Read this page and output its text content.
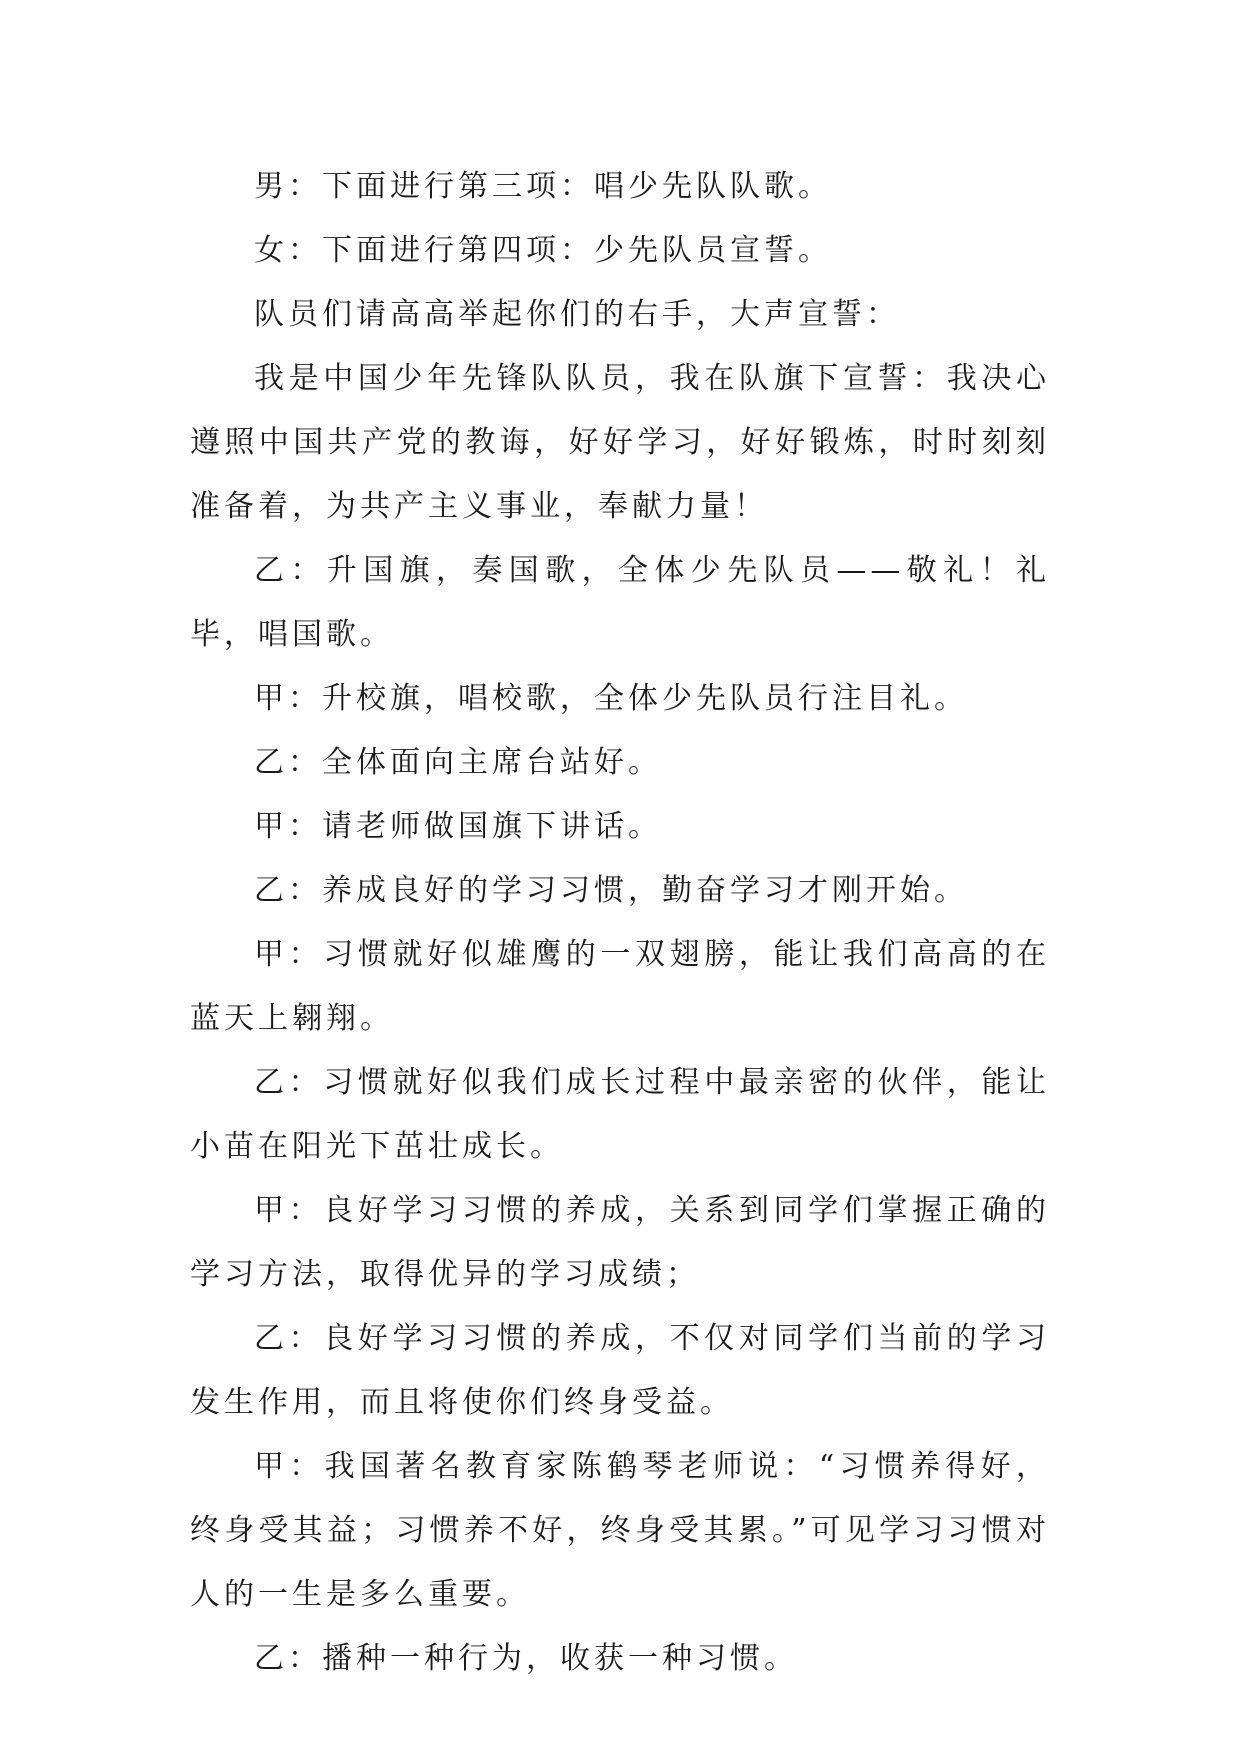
男：下面进行第三项：唱少先队队歌。

女：下面进行第四项：少先队员宣誓。

队员们请高高举起你们的右手，大声宣誓：

我是中国少年先锋队队员，我在队旗下宣誓：我决心遵照中国共产党的教诲，好好学习，好好锻炼，时时刻刻准备着，为共产主义事业，奉献力量！

乙：升国旗，奏国歌，全体少先队员——敬礼！礼毕，唱国歌。

甲：升校旗，唱校歌，全体少先队员行注目礼。

乙：全体面向主席台站好。

甲：请老师做国旗下讲话。

乙：养成良好的学习习惯，勤奋学习才刚开始。

甲：习惯就好似雄鹰的一双翅膀，能让我们高高的在蓝天上翱翔。

乙：习惯就好似我们成长过程中最亲密的伙伴，能让小苗在阳光下茁壮成长。

甲：良好学习习惯的养成，关系到同学们掌握正确的学习方法，取得优异的学习成绩；

乙：良好学习习惯的养成，不仅对同学们当前的学习发生作用，而且将使你们终身受益。

甲：我国著名教育家陈鹤琴老师说：“习惯养得好，终身受其益；习惯养不好，终身受其累。”可见学习习惯对人的一生是多么重要。

乙：播种一种行为，收获一种习惯。
